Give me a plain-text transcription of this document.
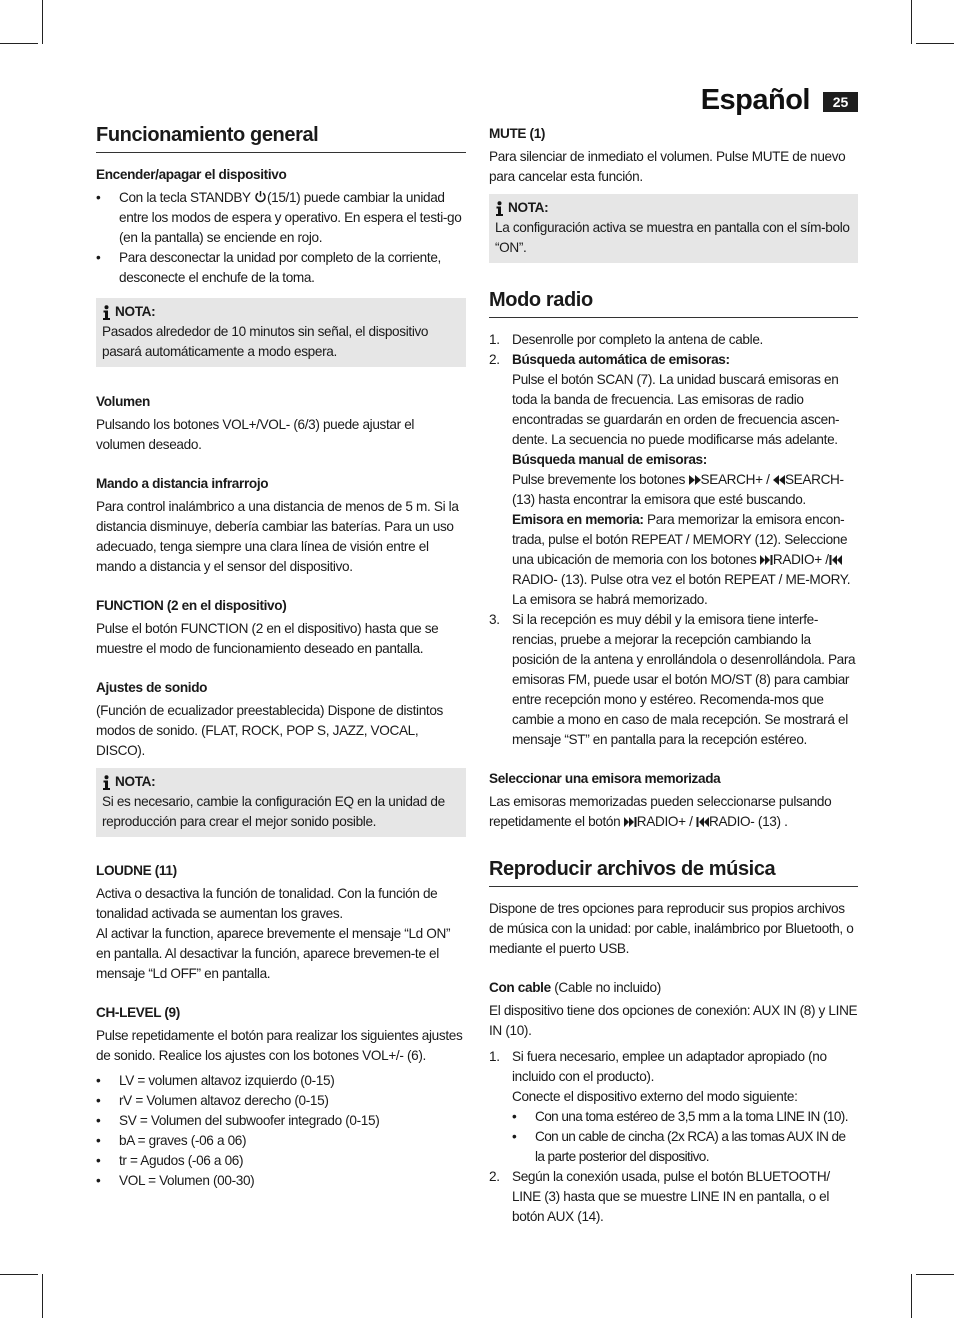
Español	25
Funcionamiento general
Encender/apagar el dispositivo
• Con la tecla STANDBY (15/1) puede cambiar la unidad entre los modos de espera y operativo. En espera el testi-go (en la pantalla) se enciende en rojo.
• Para desconectar la unidad por completo de la corriente, desconecte el enchufe de la toma.
NOTA:

Pasados alrededor de 10 minutos sin señal, el dispositivo pasará automáticamente a modo espera.

Volumen

Pulsando los botones VOL+/VOL- (6/3) puede ajustar el volumen deseado.

Mando a distancia infrarrojo

Para control inalámbrico a una distancia de menos de 5 m. Si la distancia disminuye, debería cambiar las baterías. Para un uso adecuado, tenga siempre una clara línea de visión entre el mando a distancia y el sensor del dispositivo.

FUNCTION (2 en el dispositivo)

Pulse el botón FUNCTION (2 en el dispositivo) hasta que se muestre el modo de funcionamiento deseado en pantalla.

Ajustes de sonido

(Función de ecualizador preestablecida) Dispone de distintos modos de sonido. (FLAT, ROCK, POP S, JAZZ, VOCAL, DISCO).

NOTA:

Si es necesario, cambie la configuración EQ en la unidad de reproducción para crear el mejor sonido posible.

LOUDNE (11)

Activa o desactiva la función de tonalidad. Con la función de tonalidad activada se aumentan los graves.

Al activar la function, aparece brevemente el mensaje “Ld ON” en pantalla. Al desactivar la función, aparece brevemen-te el mensaje “Ld OFF” en pantalla.

CH-LEVEL (9)

Pulse repetidamente el botón para realizar los siguientes ajustes de sonido. Realice los ajustes con los botones VOL+/- (6).

• LV = volumen altavoz izquierdo (0-15)
• rV = Volumen altavoz derecho (0-15)
• SV = Volumen del subwoofer integrado (0-15)
• bA = graves (-06 a 06)
• tr = Agudos (-06 a 06)
• VOL = Volumen (00-30)
MUTE (1)

Para silenciar de inmediato el volumen. Pulse MUTE de nuevo para cancelar esta función.

NOTA:

La configuración activa se muestra en pantalla con el sím-bolo “ON”.

Modo radio
1. Desenrolle por completo la antena de cable.
2. Búsqueda automática de emisoras:
Pulse el botón SCAN (7). La unidad buscará emisoras en toda la banda de frecuencia. Las emisoras de radio encontradas se guardarán en orden de frecuencia ascen-dente. La secuencia no puede modificarse más adelante.
Búsqueda manual de emisoras:
Pulse brevemente los botones SEARCH+ / SEARCH- (13) hasta encontrar la emisora que esté buscando.
Emisora en memoria: Para memorizar la emisora encon-trada, pulse el botón REPEAT / MEMORY (12). Seleccione una ubicación de memoria con los botones RADIO+ /RADIO- (13). Pulse otra vez el botón REPEAT / ME-MORY. La emisora se habrá memorizado.
3. Si la recepción es muy débil y la emisora tiene interfe-rencias, pruebe a mejorar la recepción cambiando la posición de la antena y enrollándola o desenrollándola. Para emisoras FM, puede usar el botón MO/ST (8) para cambiar entre recepción mono y estéreo. Recomenda-mos que cambie a mono en caso de mala recepción. Se mostrará el mensaje “ST” en pantalla para la recepción estéreo.
Seleccionar una emisora memorizada

Las emisoras memorizadas pueden seleccionarse pulsando repetidamente el botón RADIO+ / RADIO- (13) .

Reproducir archivos de música

Dispone de tres opciones para reproducir sus propios archivos de música con la unidad: por cable, inalámbrico por Bluetooth, o mediante el puerto USB.

Con cable (Cable no incluido)

El dispositivo tiene dos opciones de conexión: AUX IN (8) y LINE IN (10).

1. Si fuera necesario, emplee un adaptador apropiado (no incluido con el producto).
Conecte el dispositivo externo del modo siguiente:
• Con una toma estéreo de 3,5 mm a la toma LINE IN (10).
• Con un cable de cincha (2x RCA) a las tomas AUX IN de la parte posterior del dispositivo.
2. Según la conexión usada, pulse el botón BLUETOOTH/ LINE (3) hasta que se muestre LINE IN en pantalla, o el botón AUX (14).
